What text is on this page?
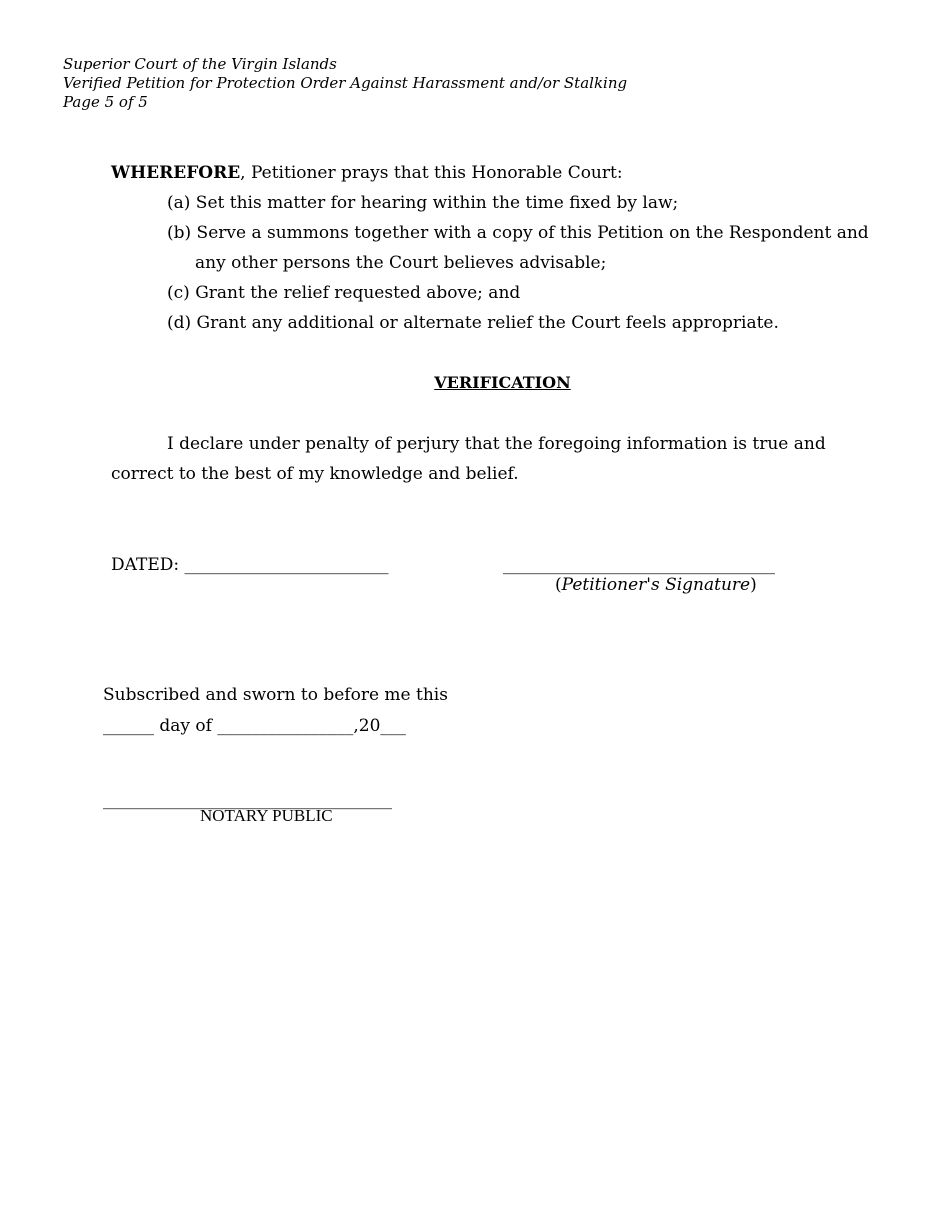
Superior Court of the Virgin Islands
Verified Petition for Protection Order Against Harassment and/or Stalking
Page 5 of 5
WHEREFORE, Petitioner prays that this Honorable Court:
(a) Set this matter for hearing within the time fixed by law;
(b) Serve a summons together with a copy of this Petition on the Respondent and
any other persons the Court believes advisable;
(c) Grant the relief requested above; and
(d) Grant any additional or alternate relief the Court feels appropriate.
VERIFICATION
I declare under penalty of perjury that the foregoing information is true and
correct to the best of my knowledge and belief.
DATED: ________________________	________________________________
(Petitioner's Signature)
Subscribed and sworn to before me this
______ day of ________________,20___
__________________________________
NOTARY PUBLIC
